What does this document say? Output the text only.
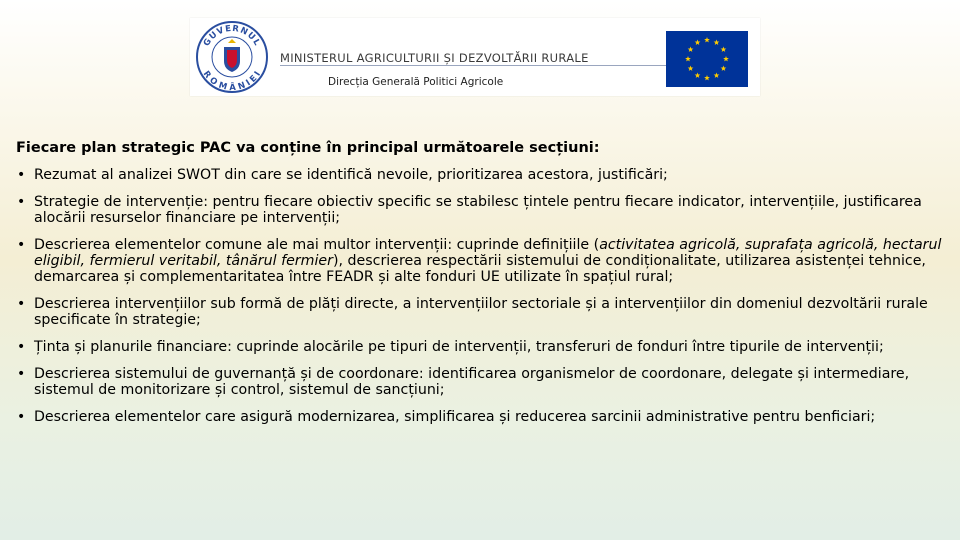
GUVERNUL
ROMÂNIEI
MINISTERUL AGRICULTURII ȘI DEZVOLTĂRII RURALE
Direcția Generală Politici Agricole
Fiecare plan strategic PAC va conține în principal următoarele secțiuni:
• Rezumat al analizei SWOT din care se identifică nevoile, prioritizarea acestora, justificări;
• Strategie de intervenție: pentru fiecare obiectiv specific se stabilesc țintele pentru fiecare indicator, intervențiile, justificarea alocării resurselor financiare pe intervenții;
• Descrierea elementelor comune ale mai multor intervenții: cuprinde definițiile (activitatea agricolă, suprafața agricolă, hectarul eligibil, fermierul veritabil, tânărul fermier), descrierea respectării sistemului de condiționalitate, utilizarea asistenței tehnice, demarcarea și complementaritatea între FEADR și alte fonduri UE utilizate în spațiul rural;
• Descrierea intervențiilor sub formă de plăți directe, a intervențiilor sectoriale și a intervențiilor din domeniul dezvoltării rurale specificate în strategie;
• Ținta și planurile financiare: cuprinde alocările pe tipuri de intervenții, transferuri de fonduri între tipurile de intervenții;
• Descrierea sistemului de guvernanță și de coordonare: identificarea organismelor de coordonare, delegate și intermediare, sistemul de monitorizare și control, sistemul de sancțiuni;
• Descrierea elementelor care asigură modernizarea, simplificarea și reducerea sarcinii administrative pentru benficiari;
